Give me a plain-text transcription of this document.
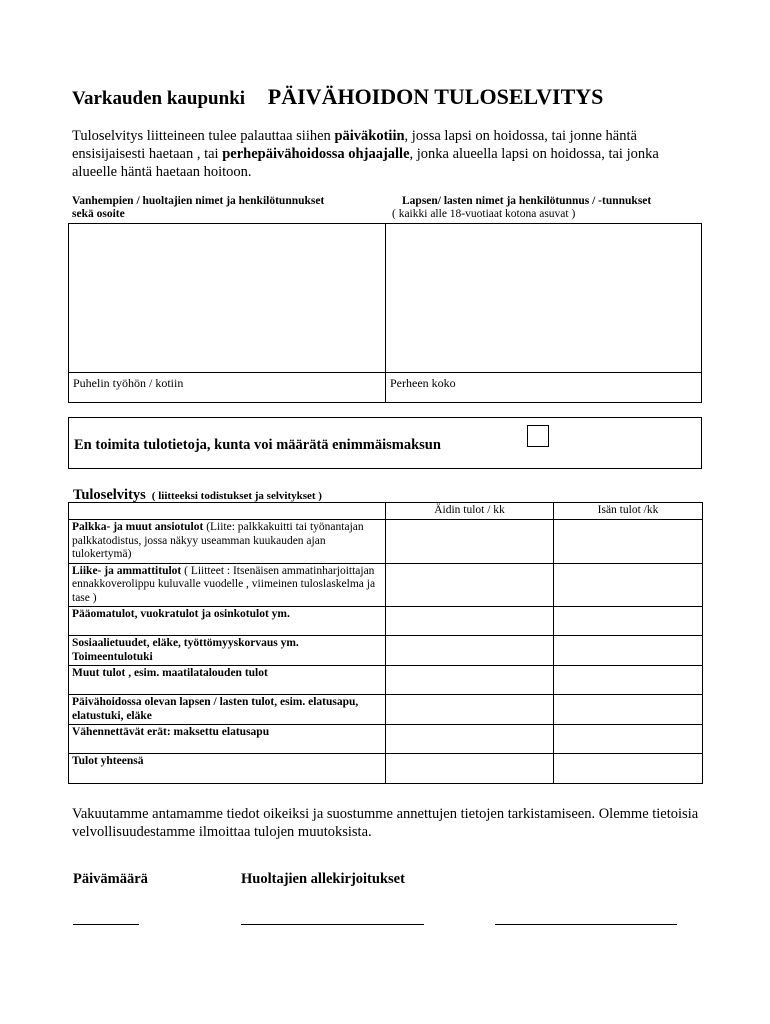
Varkauden kaupunki PÄIVÄHOIDON TULOSELVITYS
Tuloselvitys liitteineen tulee palauttaa siihen päiväkotiin, jossa lapsi on hoidossa, tai jonne häntä ensisijaisesti haetaan , tai perhepäivähoidossa ohjaajalle, jonka alueella lapsi on hoidossa, tai jonka alueelle häntä haetaan hoitoon.
Vanhempien / huoltajien nimet ja henkilötunnukset
sekä osoite
Lapsen/ lasten nimet ja henkilötunnus / -tunnukset
( kaikki alle 18-vuotiaat kotona asuvat )
Puhelin työhön / kotiin	Perheen koko
En toimita tulotietoja, kunta voi määrätä enimmäismaksun
Tuloselvitys ( liitteeksi todistukset ja selvitykset )
	Äidin tulot / kk	Isän tulot /kk
Palkka- ja muut ansiotulot (Liite: palkkakuitti tai työnantajan palkkatodistus, jossa näkyy useamman kuukauden ajan tulokertymä)		
Liike- ja ammattitulot ( Liitteet : Itsenäisen ammatinharjoittajan ennakkoverolippu kuluvalle vuodelle , viimeinen tuloslaskelma ja tase )		
Pääomatulot, vuokratulot ja osinkotulot ym.		
Sosiaalietuudet, eläke, työttömyyskorvaus ym. Toimeentulotuki		
Muut tulot , esim. maatilatalouden tulot		
Päivähoidossa olevan lapsen / lasten tulot, esim. elatusapu, elatustuki, eläke		
Vähennettävät erät: maksettu elatusapu		
Tulot yhteensä		
Vakuutamme antamamme tiedot oikeiksi ja suostumme annettujen tietojen tarkistamiseen. Olemme tietoisia velvollisuudestamme ilmoittaa tulojen muutoksista.
Päivämäärä	Huoltajien allekirjoitukset
